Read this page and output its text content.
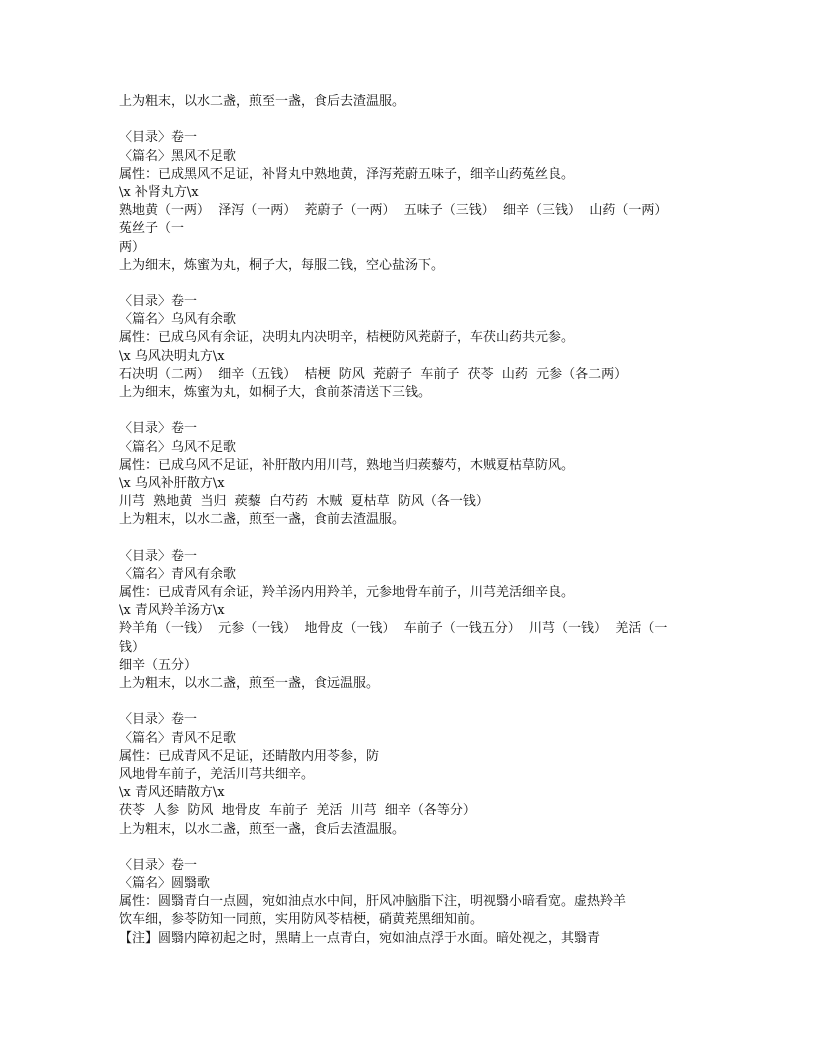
上为粗末，以水二盏，煎至一盏，食后去渣温服。
〈目录〉卷一
〈篇名〉黑风不足歌
属性：已成黑风不足证，补肾丸中熟地黄，泽泻茺蔚五味子，细辛山药菟丝良。
\x 补肾丸方\x
熟地黄（一两）  泽泻（一两）  茺蔚子（一两）  五味子（三钱）  细辛（三钱）  山药（一两）
菟丝子（一
两）
上为细末，炼蜜为丸，桐子大，每服二钱，空心盐汤下。
〈目录〉卷一
〈篇名〉乌风有余歌
属性：已成乌风有余证，决明丸内决明辛，桔梗防风茺蔚子，车茯山药共元参。
\x 乌风决明丸方\x
石决明（二两）  细辛（五钱）  桔梗  防风  茺蔚子  车前子  茯苓  山药  元参（各二两）
上为细末，炼蜜为丸，如桐子大，食前茶清送下三钱。
〈目录〉卷一
〈篇名〉乌风不足歌
属性：已成乌风不足证，补肝散内用川芎，熟地当归蒺藜芍，木贼夏枯草防风。
\x 乌风补肝散方\x
川芎  熟地黄  当归  蒺藜  白芍药  木贼  夏枯草  防风（各一钱）
上为粗末，以水二盏，煎至一盏，食前去渣温服。
〈目录〉卷一
〈篇名〉青风有余歌
属性：已成青风有余证，羚羊汤内用羚羊，元参地骨车前子，川芎羌活细辛良。
\x 青风羚羊汤方\x
羚羊角（一钱）  元参（一钱）  地骨皮（一钱）  车前子（一钱五分）  川芎（一钱）  羌活（一
钱）
细辛（五分）
上为粗末，以水二盏，煎至一盏，食远温服。
〈目录〉卷一
〈篇名〉青风不足歌
属性：已成青风不足证，还睛散内用苓参，防
风地骨车前子，羌活川芎共细辛。
\x 青风还睛散方\x
茯苓  人参  防风  地骨皮  车前子  羌活  川芎  细辛（各等分）
上为粗末，以水二盏，煎至一盏，食后去渣温服。
〈目录〉卷一
〈篇名〉圆翳歌
属性：圆翳青白一点圆，宛如油点水中间，肝风冲脑脂下注，明视翳小暗看宽。虚热羚羊
饮车细，参苓防知一同煎，实用防风苓桔梗，硝黄茺黑细知前。
【注】圆翳内障初起之时，黑睛上一点青白，宛如油点浮于水面。暗处视之，其翳青
